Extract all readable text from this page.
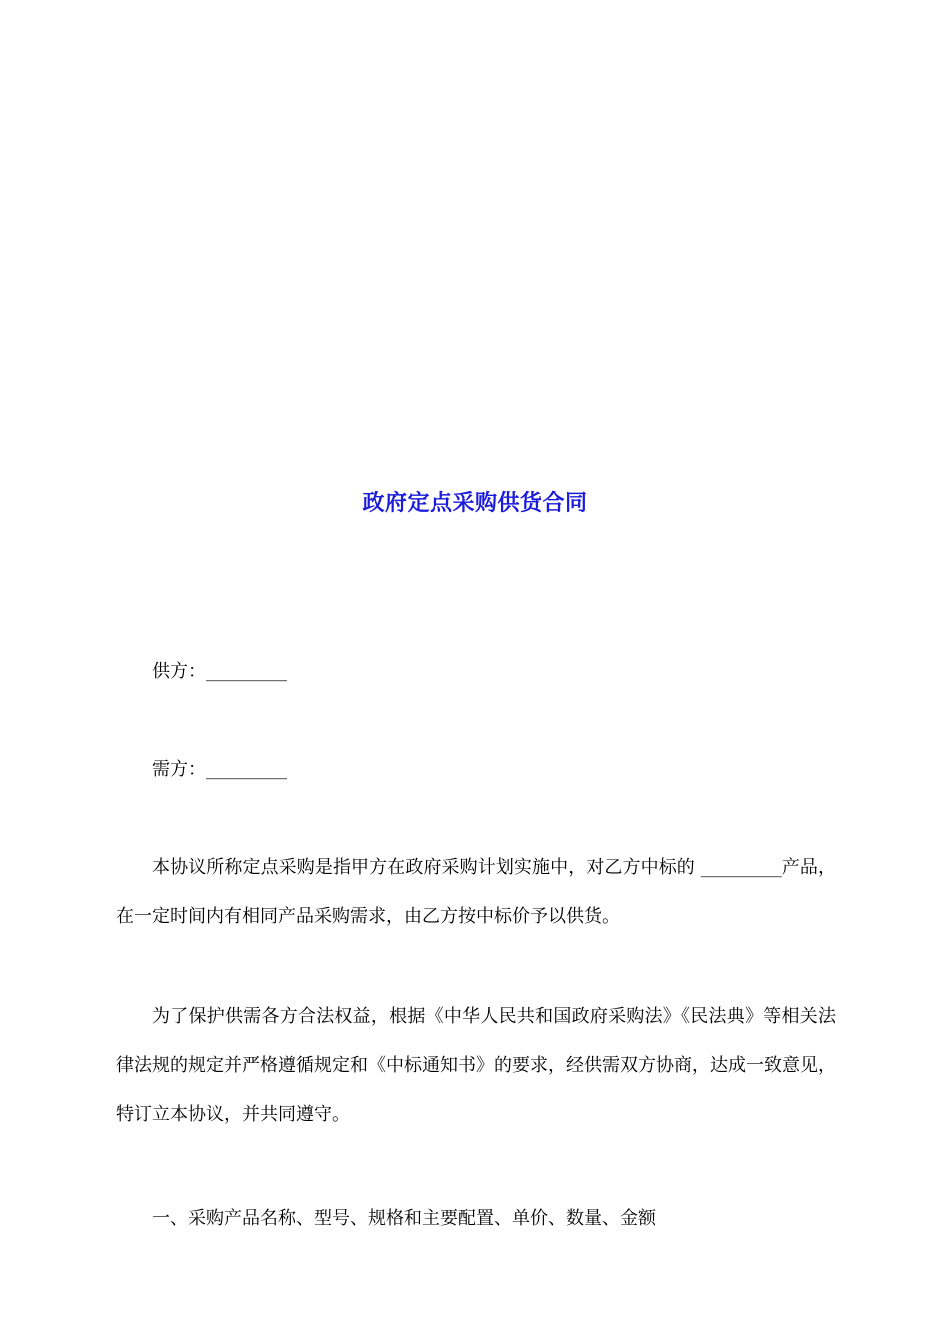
政府定点采购供货合同
供方：_________
需方：_________
本协议所称定点采购是指甲方在政府采购计划实施中，对乙方中标的 _________产品，在一定时间内有相同产品采购需求，由乙方按中标价予以供货。
为了保护供需各方合法权益，根据《中华人民共和国政府采购法》《民法典》等相关法律法规的规定并严格遵循规定和《中标通知书》的要求，经供需双方协商，达成一致意见，特订立本协议，并共同遵守。
一、采购产品名称、型号、规格和主要配置、单价、数量、金额
